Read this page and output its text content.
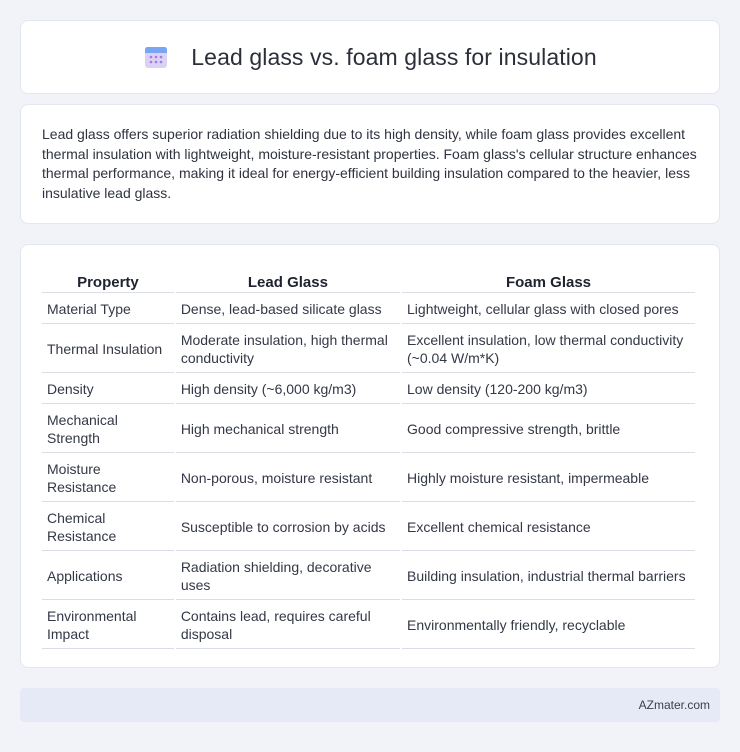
Lead glass vs. foam glass for insulation

Lead glass offers superior radiation shielding due to its high density, while foam glass provides excellent thermal insulation with lightweight, moisture-resistant properties. Foam glass's cellular structure enhances thermal performance, making it ideal for energy-efficient building insulation compared to the heavier, less insulative lead glass.

Property	Lead Glass	Foam Glass
Material Type	Dense, lead-based silicate glass	Lightweight, cellular glass with closed pores
Thermal Insulation	Moderate insulation, high thermal conductivity	Excellent insulation, low thermal conductivity (~0.04 W/m*K)
Density	High density (~6,000 kg/m3)	Low density (120-200 kg/m3)
Mechanical Strength	High mechanical strength	Good compressive strength, brittle
Moisture Resistance	Non-porous, moisture resistant	Highly moisture resistant, impermeable
Chemical Resistance	Susceptible to corrosion by acids	Excellent chemical resistance
Applications	Radiation shielding, decorative uses	Building insulation, industrial thermal barriers
Environmental Impact	Contains lead, requires careful disposal	Environmentally friendly, recyclable
AZmater.com
